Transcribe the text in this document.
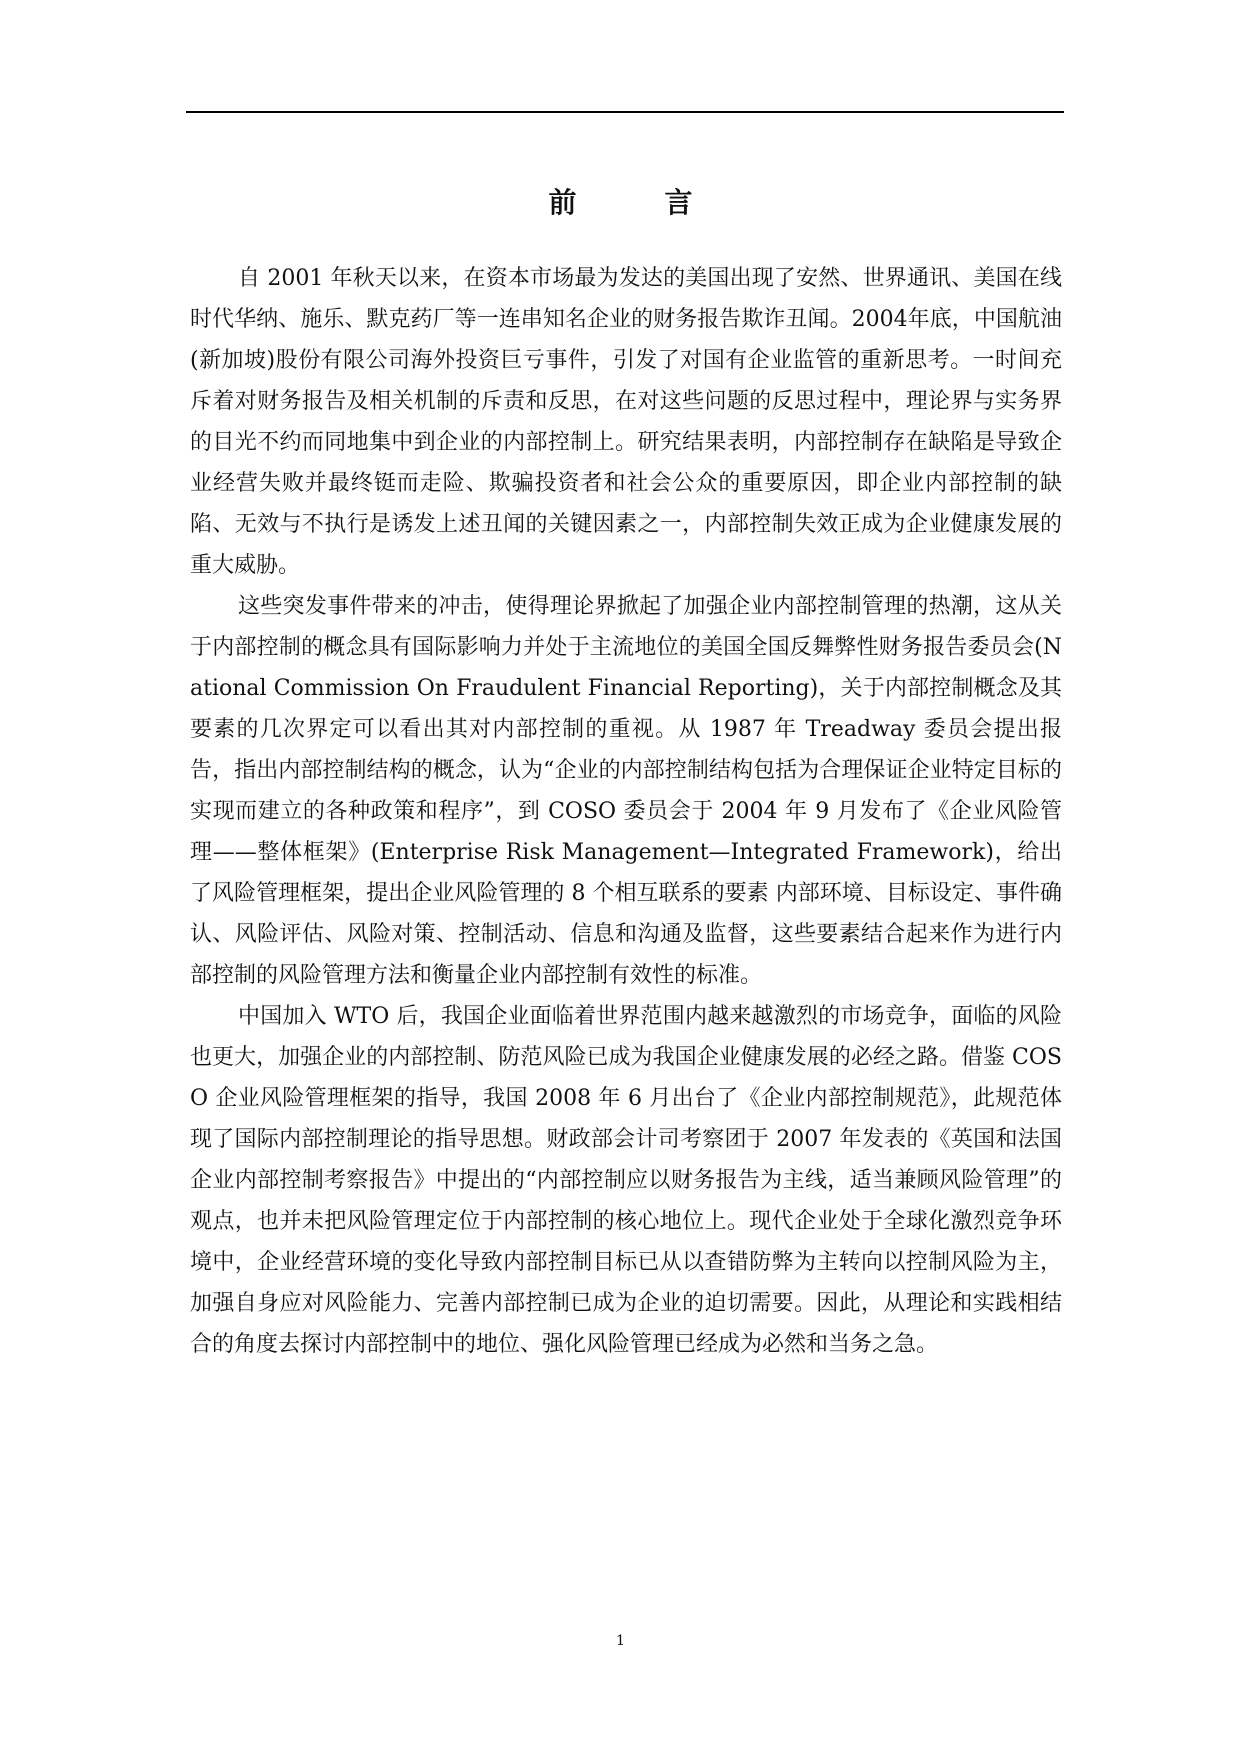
前　言

自 2001 年秋天以来，在资本市场最为发达的美国出现了安然、世界通讯、美国在线时代华纳、施乐、默克药厂等一连串知名企业的财务报告欺诈丑闻。2004年底，中国航油(新加坡)股份有限公司海外投资巨亏事件，引发了对国有企业监管的重新思考。一时间充斥着对财务报告及相关机制的斥责和反思，在对这些问题的反思过程中，理论界与实务界的目光不约而同地集中到企业的内部控制上。研究结果表明，内部控制存在缺陷是导致企业经营失败并最终铤而走险、欺骗投资者和社会公众的重要原因，即企业内部控制的缺陷、无效与不执行是诱发上述丑闻的关键因素之一，内部控制失效正成为企业健康发展的重大威胁。

这些突发事件带来的冲击，使得理论界掀起了加强企业内部控制管理的热潮，这从关于内部控制的概念具有国际影响力并处于主流地位的美国全国反舞弊性财务报告委员会(National Commission On Fraudulent Financial Reporting)，关于内部控制概念及其要素的几次界定可以看出其对内部控制的重视。从 1987 年 Treadway 委员会提出报告，指出内部控制结构的概念，认为“企业的内部控制结构包括为合理保证企业特定目标的实现而建立的各种政策和程序”，到 COSO 委员会于 2004 年 9 月发布了《企业风险管理——整体框架》(Enterprise Risk Management—Integrated Framework)，给出了风险管理框架，提出企业风险管理的 8 个相互联系的要素 内部环境、目标设定、事件确认、风险评估、风险对策、控制活动、信息和沟通及监督，这些要素结合起来作为进行内部控制的风险管理方法和衡量企业内部控制有效性的标准。

中国加入 WTO 后，我国企业面临着世界范围内越来越激烈的市场竞争，面临的风险也更大，加强企业的内部控制、防范风险已成为我国企业健康发展的必经之路。借鉴 COSO 企业风险管理框架的指导，我国 2008 年 6 月出台了《企业内部控制规范》，此规范体现了国际内部控制理论的指导思想。财政部会计司考察团于 2007 年发表的《英国和法国企业内部控制考察报告》中提出的“内部控制应以财务报告为主线，适当兼顾风险管理”的观点，也并未把风险管理定位于内部控制的核心地位上。现代企业处于全球化激烈竞争环境中，企业经营环境的变化导致内部控制目标已从以查错防弊为主转向以控制风险为主，加强自身应对风险能力、完善内部控制已成为企业的迫切需要。因此，从理论和实践相结合的角度去探讨内部控制中的地位、强化风险管理已经成为必然和当务之急。

1
